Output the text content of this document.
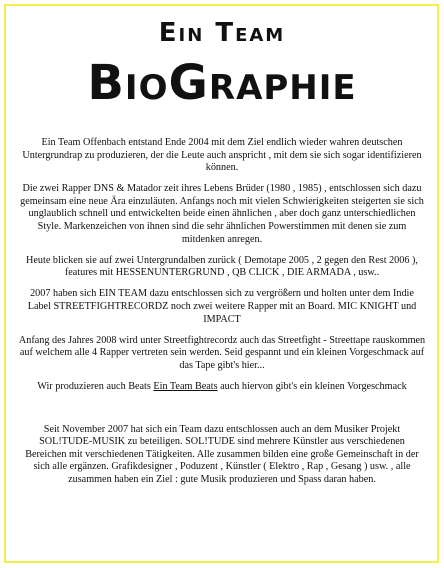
Ein Team
BioGraphie

Ein Team Offenbach entstand Ende 2004 mit dem Ziel endlich wieder wahren deutschen Untergrundrap zu produzieren, der die Leute auch anspricht , mit dem sie sich sogar identifizieren können.

Die zwei Rapper DNS & Matador zeit ihres Lebens Brüder (1980 , 1985) , entschlossen sich dazu gemeinsam eine neue Ära einzuläuten. Anfangs noch mit vielen Schwierigkeiten steigerten sie sich unglaublich schnell und entwickelten beide einen ähnlichen , aber doch ganz unterschiedlichen Style. Markenzeichen von ihnen sind die sehr ähnlichen Powerstimmen mit denen sie zum mitdenken anregen.

Heute blicken sie auf zwei Untergrundalben zurück ( Demotape 2005 , 2 gegen den Rest 2006 ), features mit HESSENUNTERGRUND , QB CLICK , DIE ARMADA , usw..

2007 haben sich EIN TEAM dazu entschlossen sich zu vergrößern und holten unter dem Indie Label STREETFIGHTRECORDZ noch zwei weitere Rapper mit an Board. MIC KNIGHT und IMPACT

Anfang des Jahres 2008 wird unter Streetfightrecordz auch das Streetfight - Streettape rauskommen auf welchem alle 4 Rapper vertreten sein werden. Seid gespannt und ein kleinen Vorgeschmack auf das Tape gibt's hier...

Wir produzieren auch Beats Ein Team Beats auch hiervon gibt's ein kleinen Vorgeschmack

Seit November 2007 hat sich ein Team dazu entschlossen auch an dem Musiker Projekt SOL!TUDE-MUSIK zu beteiligen. SOL!TUDE sind mehrere Künstler aus verschiedenen Bereichen mit verschiedenen Tätigkeiten. Alle zusammen bilden eine große Gemeinschaft in der sich alle ergänzen. Grafikdesigner , Poduzent , Künstler ( Elektro , Rap , Gesang ) usw. , alle zusammen haben ein Ziel : gute Musik produzieren und Spass daran haben.
